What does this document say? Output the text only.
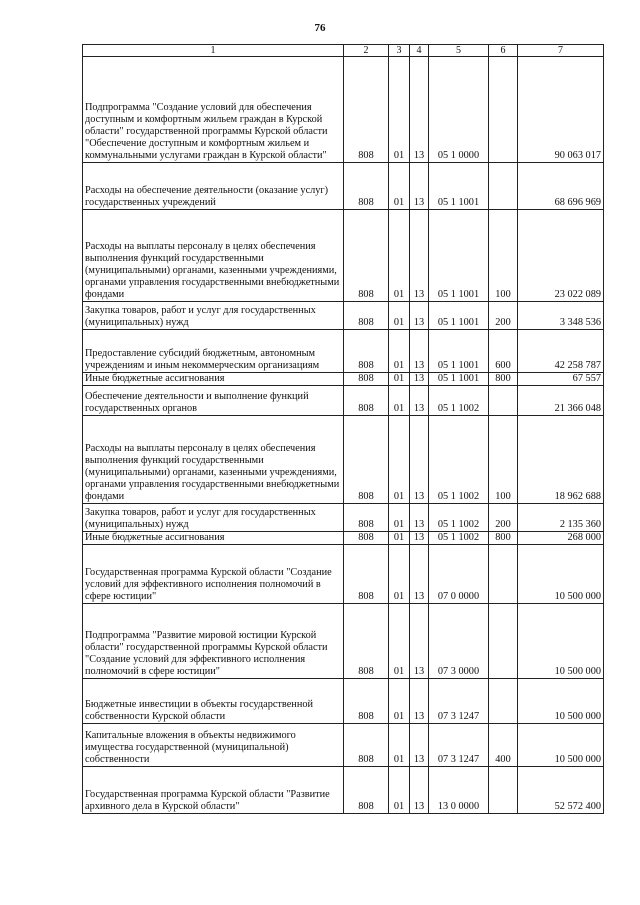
76
1	2	3	4	5	6	7
Подпрограмма "Создание условий для обеспечения доступным и комфортным жильем граждан в Курской области" государственной программы Курской области "Обеспечение доступным и комфортным жильем и коммунальными услугами граждан в Курской области"	808	01	13	05 1 0000		90 063 017
Расходы на обеспечение деятельности (оказание услуг) государственных учреждений	808	01	13	05 1 1001		68 696 969
Расходы на выплаты персоналу в целях обеспечения выполнения функций государственными (муниципальными) органами, казенными учреждениями, органами управления государственными внебюджетными фондами	808	01	13	05 1 1001	100	23 022 089
Закупка товаров, работ и услуг для государственных (муниципальных) нужд	808	01	13	05 1 1001	200	3 348 536
Предоставление субсидий бюджетным, автономным учреждениям и иным некоммерческим организациям	808	01	13	05 1 1001	600	42 258 787
Иные бюджетные ассигнования	808	01	13	05 1 1001	800	67 557
Обеспечение деятельности и выполнение функций государственных органов	808	01	13	05 1 1002		21 366 048
Расходы на выплаты персоналу в целях обеспечения выполнения функций государственными (муниципальными) органами, казенными учреждениями, органами управления государственными внебюджетными фондами	808	01	13	05 1 1002	100	18 962 688
Закупка товаров, работ и услуг для государственных (муниципальных) нужд	808	01	13	05 1 1002	200	2 135 360
Иные бюджетные ассигнования	808	01	13	05 1 1002	800	268 000
Государственная программа Курской области "Создание условий для эффективного исполнения полномочий в сфере юстиции"	808	01	13	07 0 0000		10 500 000
Подпрограмма "Развитие мировой юстиции Курской области" государственной программы Курской области "Создание условий для эффективного исполнения полномочий в сфере юстиции"	808	01	13	07 3 0000		10 500 000
Бюджетные инвестиции в объекты государственной собственности Курской области	808	01	13	07 3 1247		10 500 000
Капитальные вложения в объекты недвижимого имущества государственной (муниципальной) собственности	808	01	13	07 3 1247	400	10 500 000
Государственная программа Курской области "Развитие архивного дела в Курской области"	808	01	13	13 0 0000		52 572 400
